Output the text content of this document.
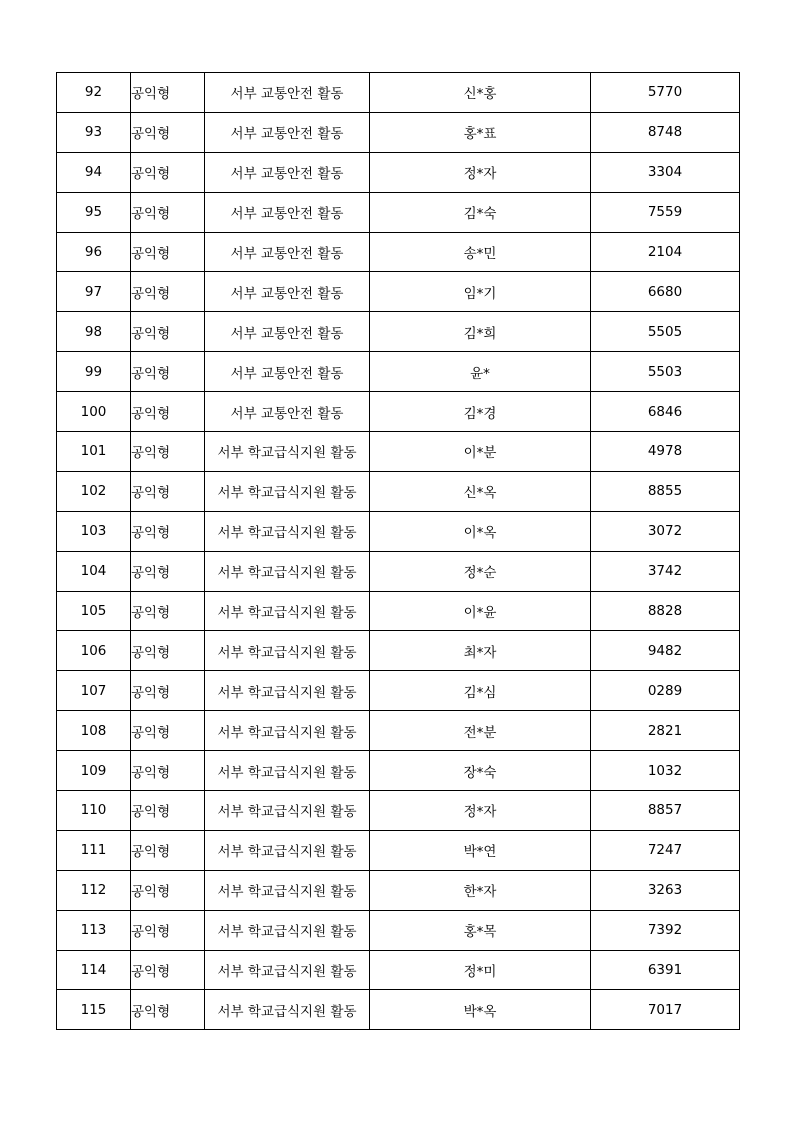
92	공익형	서부 교통안전 활동	신*홍	5770
93	공익형	서부 교통안전 활동	홍*표	8748
94	공익형	서부 교통안전 활동	정*자	3304
95	공익형	서부 교통안전 활동	김*숙	7559
96	공익형	서부 교통안전 활동	송*민	2104
97	공익형	서부 교통안전 활동	임*기	6680
98	공익형	서부 교통안전 활동	김*희	5505
99	공익형	서부 교통안전 활동	윤*	5503
100	공익형	서부 교통안전 활동	김*경	6846
101	공익형	서부 학교급식지원 활동	이*분	4978
102	공익형	서부 학교급식지원 활동	신*옥	8855
103	공익형	서부 학교급식지원 활동	이*옥	3072
104	공익형	서부 학교급식지원 활동	정*순	3742
105	공익형	서부 학교급식지원 활동	이*윤	8828
106	공익형	서부 학교급식지원 활동	최*자	9482
107	공익형	서부 학교급식지원 활동	김*심	0289
108	공익형	서부 학교급식지원 활동	전*분	2821
109	공익형	서부 학교급식지원 활동	장*숙	1032
110	공익형	서부 학교급식지원 활동	정*자	8857
111	공익형	서부 학교급식지원 활동	박*연	7247
112	공익형	서부 학교급식지원 활동	한*자	3263
113	공익형	서부 학교급식지원 활동	홍*목	7392
114	공익형	서부 학교급식지원 활동	정*미	6391
115	공익형	서부 학교급식지원 활동	박*옥	7017
